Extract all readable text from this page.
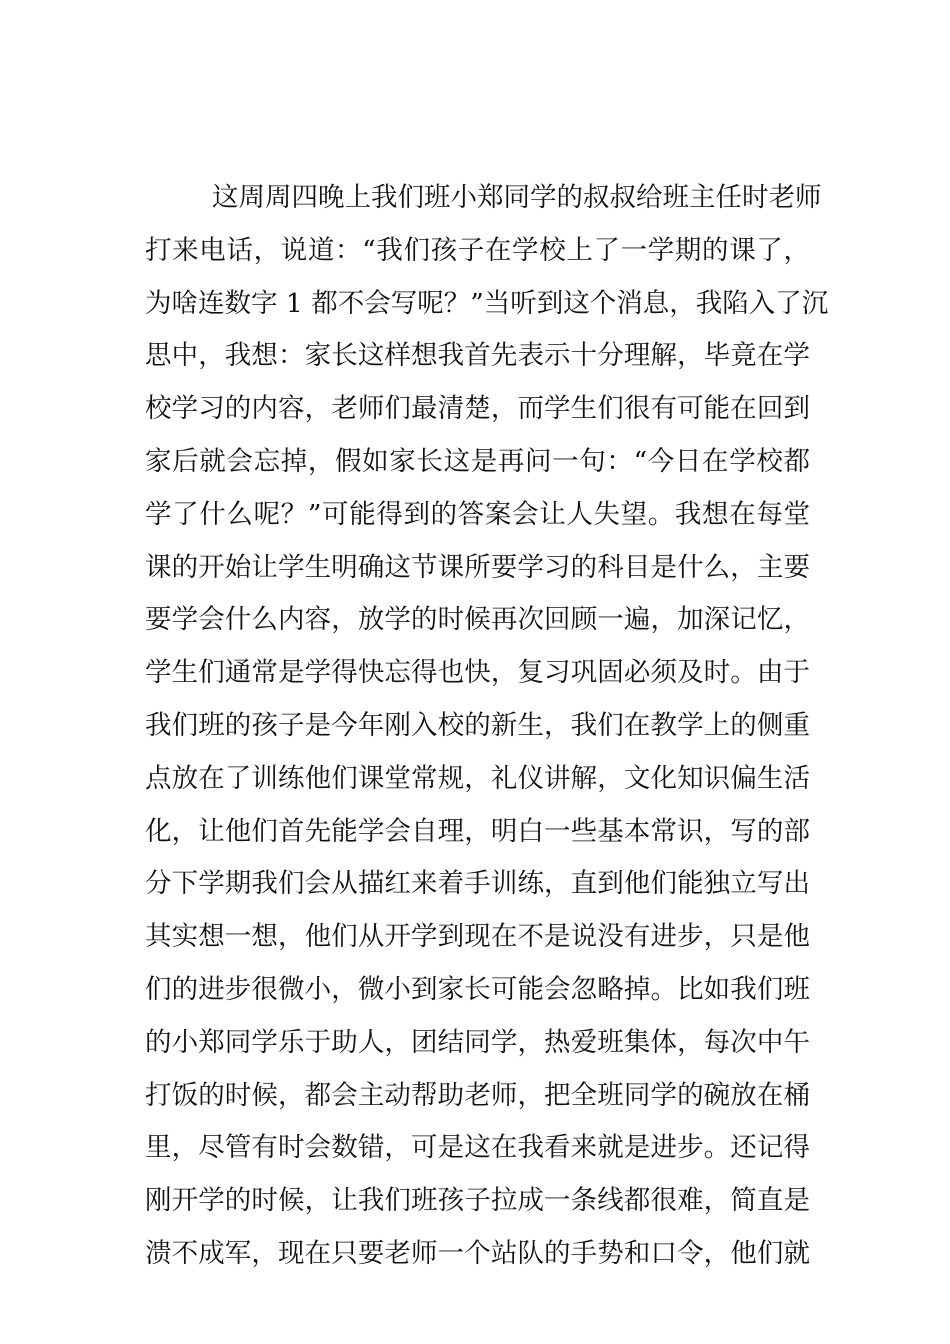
这周周四晚上我们班小郑同学的叔叔给班主任时老师
打来电话，说道：“我们孩子在学校上了一学期的课了，
为啥连数字 1 都不会写呢？”当听到这个消息，我陷入了沉
思中，我想：家长这样想我首先表示十分理解，毕竟在学
校学习的内容，老师们最清楚，而学生们很有可能在回到
家后就会忘掉，假如家长这是再问一句：“今日在学校都
学了什么呢？”可能得到的答案会让人失望。我想在每堂
课的开始让学生明确这节课所要学习的科目是什么，主要
要学会什么内容，放学的时候再次回顾一遍，加深记忆，
学生们通常是学得快忘得也快，复习巩固必须及时。由于
我们班的孩子是今年刚入校的新生，我们在教学上的侧重
点放在了训练他们课堂常规，礼仪讲解，文化知识偏生活
化，让他们首先能学会自理，明白一些基本常识，写的部
分下学期我们会从描红来着手训练，直到他们能独立写出
其实想一想，他们从开学到现在不是说没有进步，只是他
们的进步很微小，微小到家长可能会忽略掉。比如我们班
的小郑同学乐于助人，团结同学，热爱班集体，每次中午
打饭的时候，都会主动帮助老师，把全班同学的碗放在桶
里，尽管有时会数错，可是这在我看来就是进步。还记得
刚开学的时候，让我们班孩子拉成一条线都很难，简直是
溃不成军，现在只要老师一个站队的手势和口令，他们就
